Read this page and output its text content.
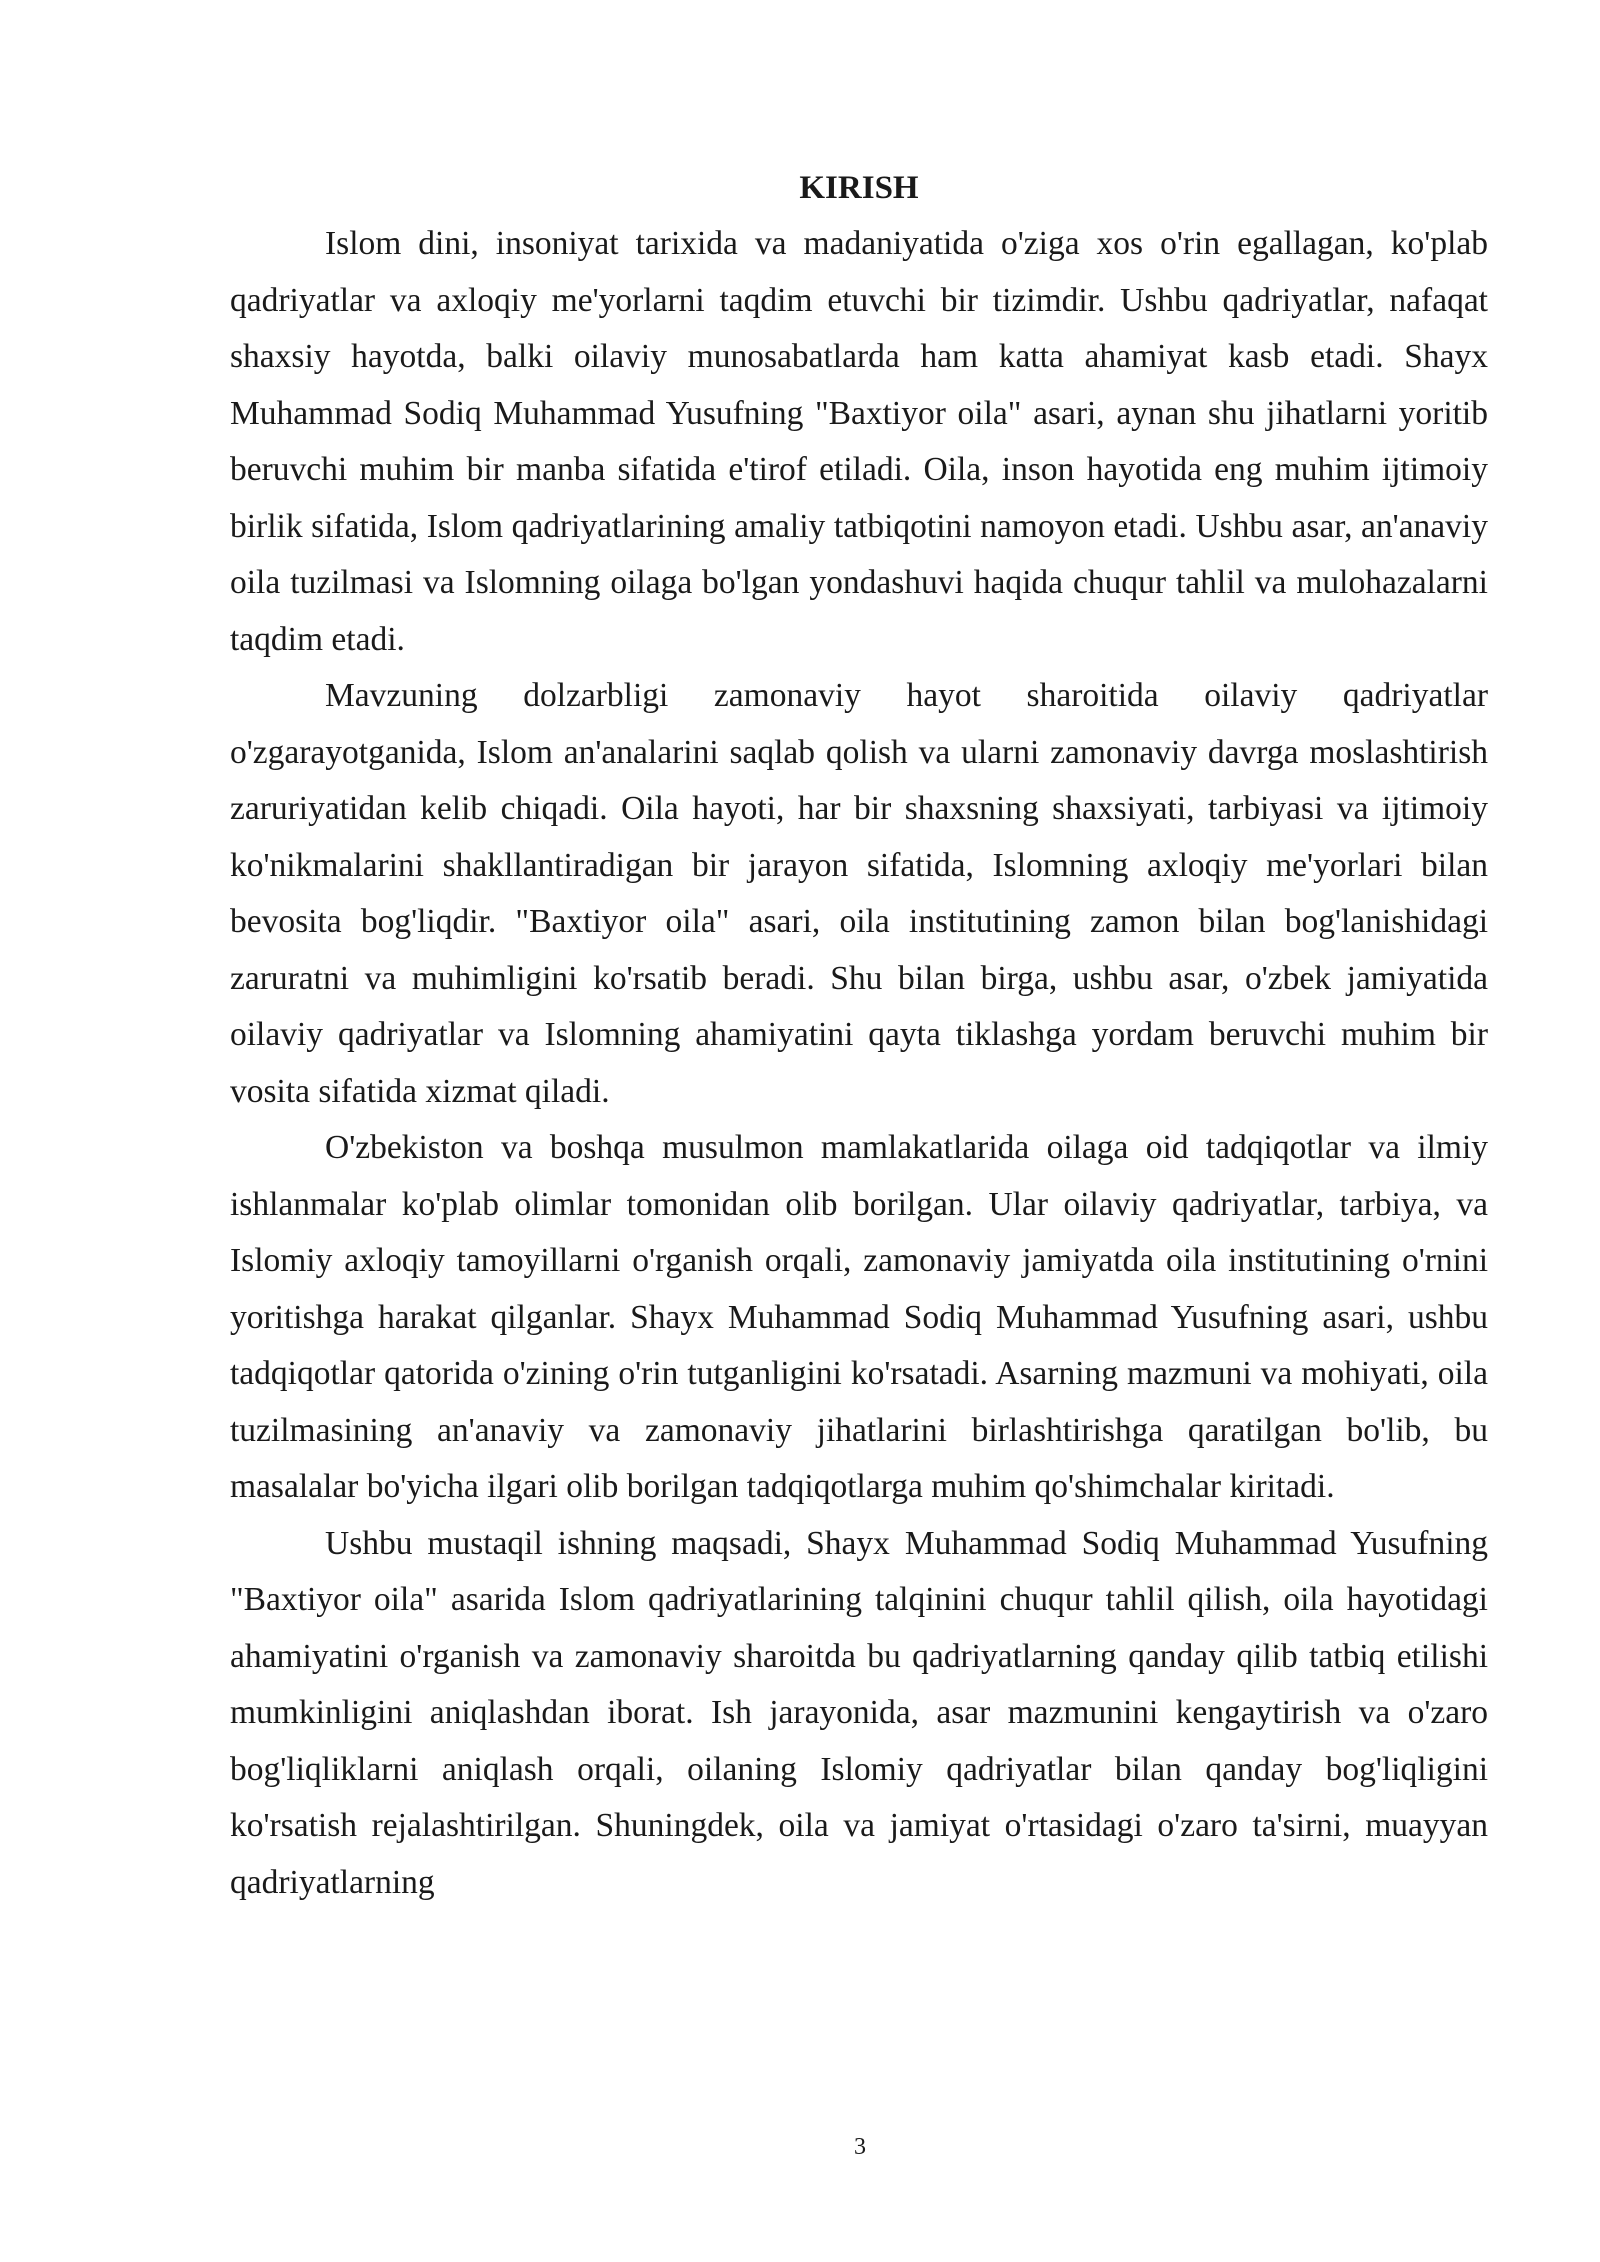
KIRISH

Islom dini, insoniyat tarixida va madaniyatida o'ziga xos o'rin egallagan, ko'plab qadriyatlar va axloqiy me'yorlarni taqdim etuvchi bir tizimdir. Ushbu qadriyatlar, nafaqat shaxsiy hayotda, balki oilaviy munosabatlarda ham katta ahamiyat kasb etadi. Shayx Muhammad Sodiq Muhammad Yusufning "Baxtiyor oila" asari, aynan shu jihatlarni yoritib beruvchi muhim bir manba sifatida e'tirof etiladi. Oila, inson hayotida eng muhim ijtimoiy birlik sifatida, Islom qadriyatlarining amaliy tatbiqotini namoyon etadi. Ushbu asar, an'anaviy oila tuzilmasi va Islomning oilaga bo'lgan yondashuvi haqida chuqur tahlil va mulohazalarni taqdim etadi.

Mavzuning dolzarbligi zamonaviy hayot sharoitida oilaviy qadriyatlar o'zgarayotganida, Islom an'analarini saqlab qolish va ularni zamonaviy davrga moslashtirish zaruriyatidan kelib chiqadi. Oila hayoti, har bir shaxsning shaxsiyati, tarbiyasi va ijtimoiy ko'nikmalarini shakllantiradigan bir jarayon sifatida, Islomning axloqiy me'yorlari bilan bevosita bog'liqdir. "Baxtiyor oila" asari, oila institutining zamon bilan bog'lanishidagi zaruratni va muhimligini ko'rsatib beradi. Shu bilan birga, ushbu asar, o'zbek jamiyatida oilaviy qadriyatlar va Islomning ahamiyatini qayta tiklashga yordam beruvchi muhim bir vosita sifatida xizmat qiladi.

O'zbekiston va boshqa musulmon mamlakatlarida oilaga oid tadqiqotlar va ilmiy ishlanmalar ko'plab olimlar tomonidan olib borilgan. Ular oilaviy qadriyatlar, tarbiya, va Islomiy axloqiy tamoyillarni o'rganish orqali, zamonaviy jamiyatda oila institutining o'rnini yoritishga harakat qilganlar. Shayx Muhammad Sodiq Muhammad Yusufning asari, ushbu tadqiqotlar qatorida o'zining o'rin tutganligini ko'rsatadi. Asarning mazmuni va mohiyati, oila tuzilmasining an'anaviy va zamonaviy jihatlarini birlashtirishga qaratilgan bo'lib, bu masalalar bo'yicha ilgari olib borilgan tadqiqotlarga muhim qo'shimchalar kiritadi.

Ushbu mustaqil ishning maqsadi, Shayx Muhammad Sodiq Muhammad Yusufning "Baxtiyor oila" asarida Islom qadriyatlarining talqinini chuqur tahlil qilish, oila hayotidagi ahamiyatini o'rganish va zamonaviy sharoitda bu qadriyatlarning qanday qilib tatbiq etilishi mumkinligini aniqlashdan iborat. Ish jarayonida, asar mazmunini kengaytirish va o'zaro bog'liqliklarni aniqlash orqali, oilaning Islomiy qadriyatlar bilan qanday bog'liqligini ko'rsatish rejalashtirilgan. Shuningdek, oila va jamiyat o'rtasidagi o'zaro ta'sirni, muayyan qadriyatlarning

3
